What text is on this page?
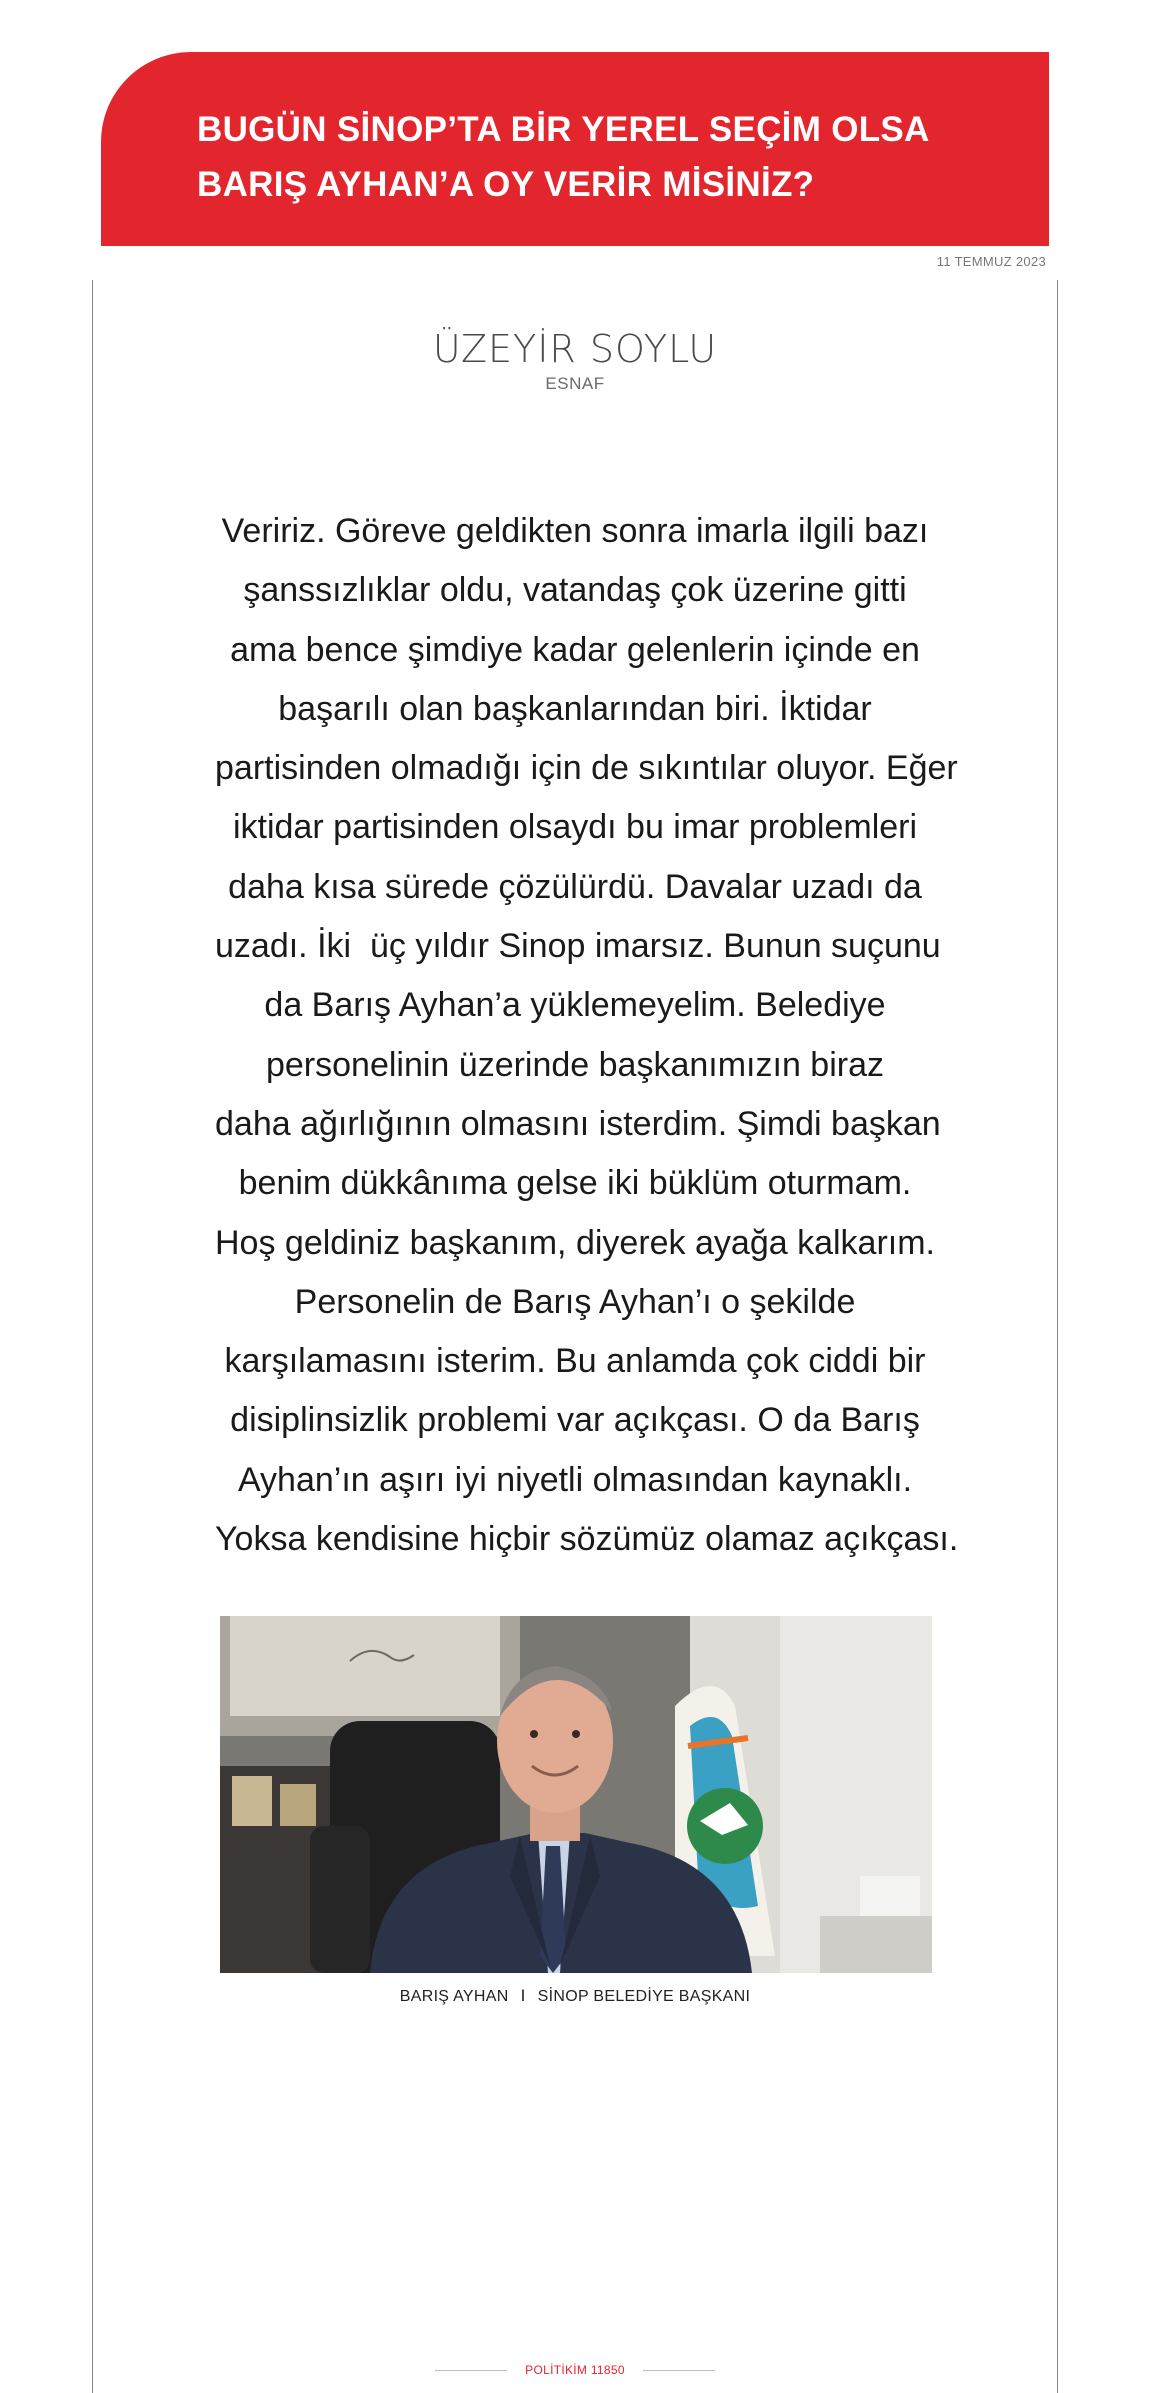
BUGÜN SİNOP’TA BİR YEREL SEÇİM OLSA
BARIŞ AYHAN’A OY VERİR MİSİNİZ?

11 TEMMUZ 2023
ÜZEYİR SOYLU
ESNAF

Veririz. Göreve geldikten sonra imarla ilgili bazı
şanssızlıklar oldu, vatandaş çok üzerine gitti
ama bence şimdiye kadar gelenlerin içinde en
başarılı olan başkanlarından biri. İktidar
partisinden olmadığı için de sıkıntılar oluyor. Eğer
iktidar partisinden olsaydı bu imar problemleri
daha kısa sürede çözülürdü. Davalar uzadı da
uzadı. İki  üç yıldır Sinop imarsız. Bunun suçunu
da Barış Ayhan’a yüklemeyelim. Belediye
personelinin üzerinde başkanımızın biraz
daha ağırlığının olmasını isterdim. Şimdi başkan
benim dükkânıma gelse iki büklüm oturmam.
Hoş geldiniz başkanım, diyerek ayağa kalkarım.
Personelin de Barış Ayhan’ı o şekilde
karşılamasını isterim. Bu anlamda çok ciddi bir
disiplinsizlik problemi var açıkçası. O da Barış
Ayhan’ın aşırı iyi niyetli olmasından kaynaklı.
Yoksa kendisine hiçbir sözümüz olamaz açıkçası.

BARIŞ AYHAN I SİNOP BELEDİYE BAŞKANI
POLİTİKİM 11850
